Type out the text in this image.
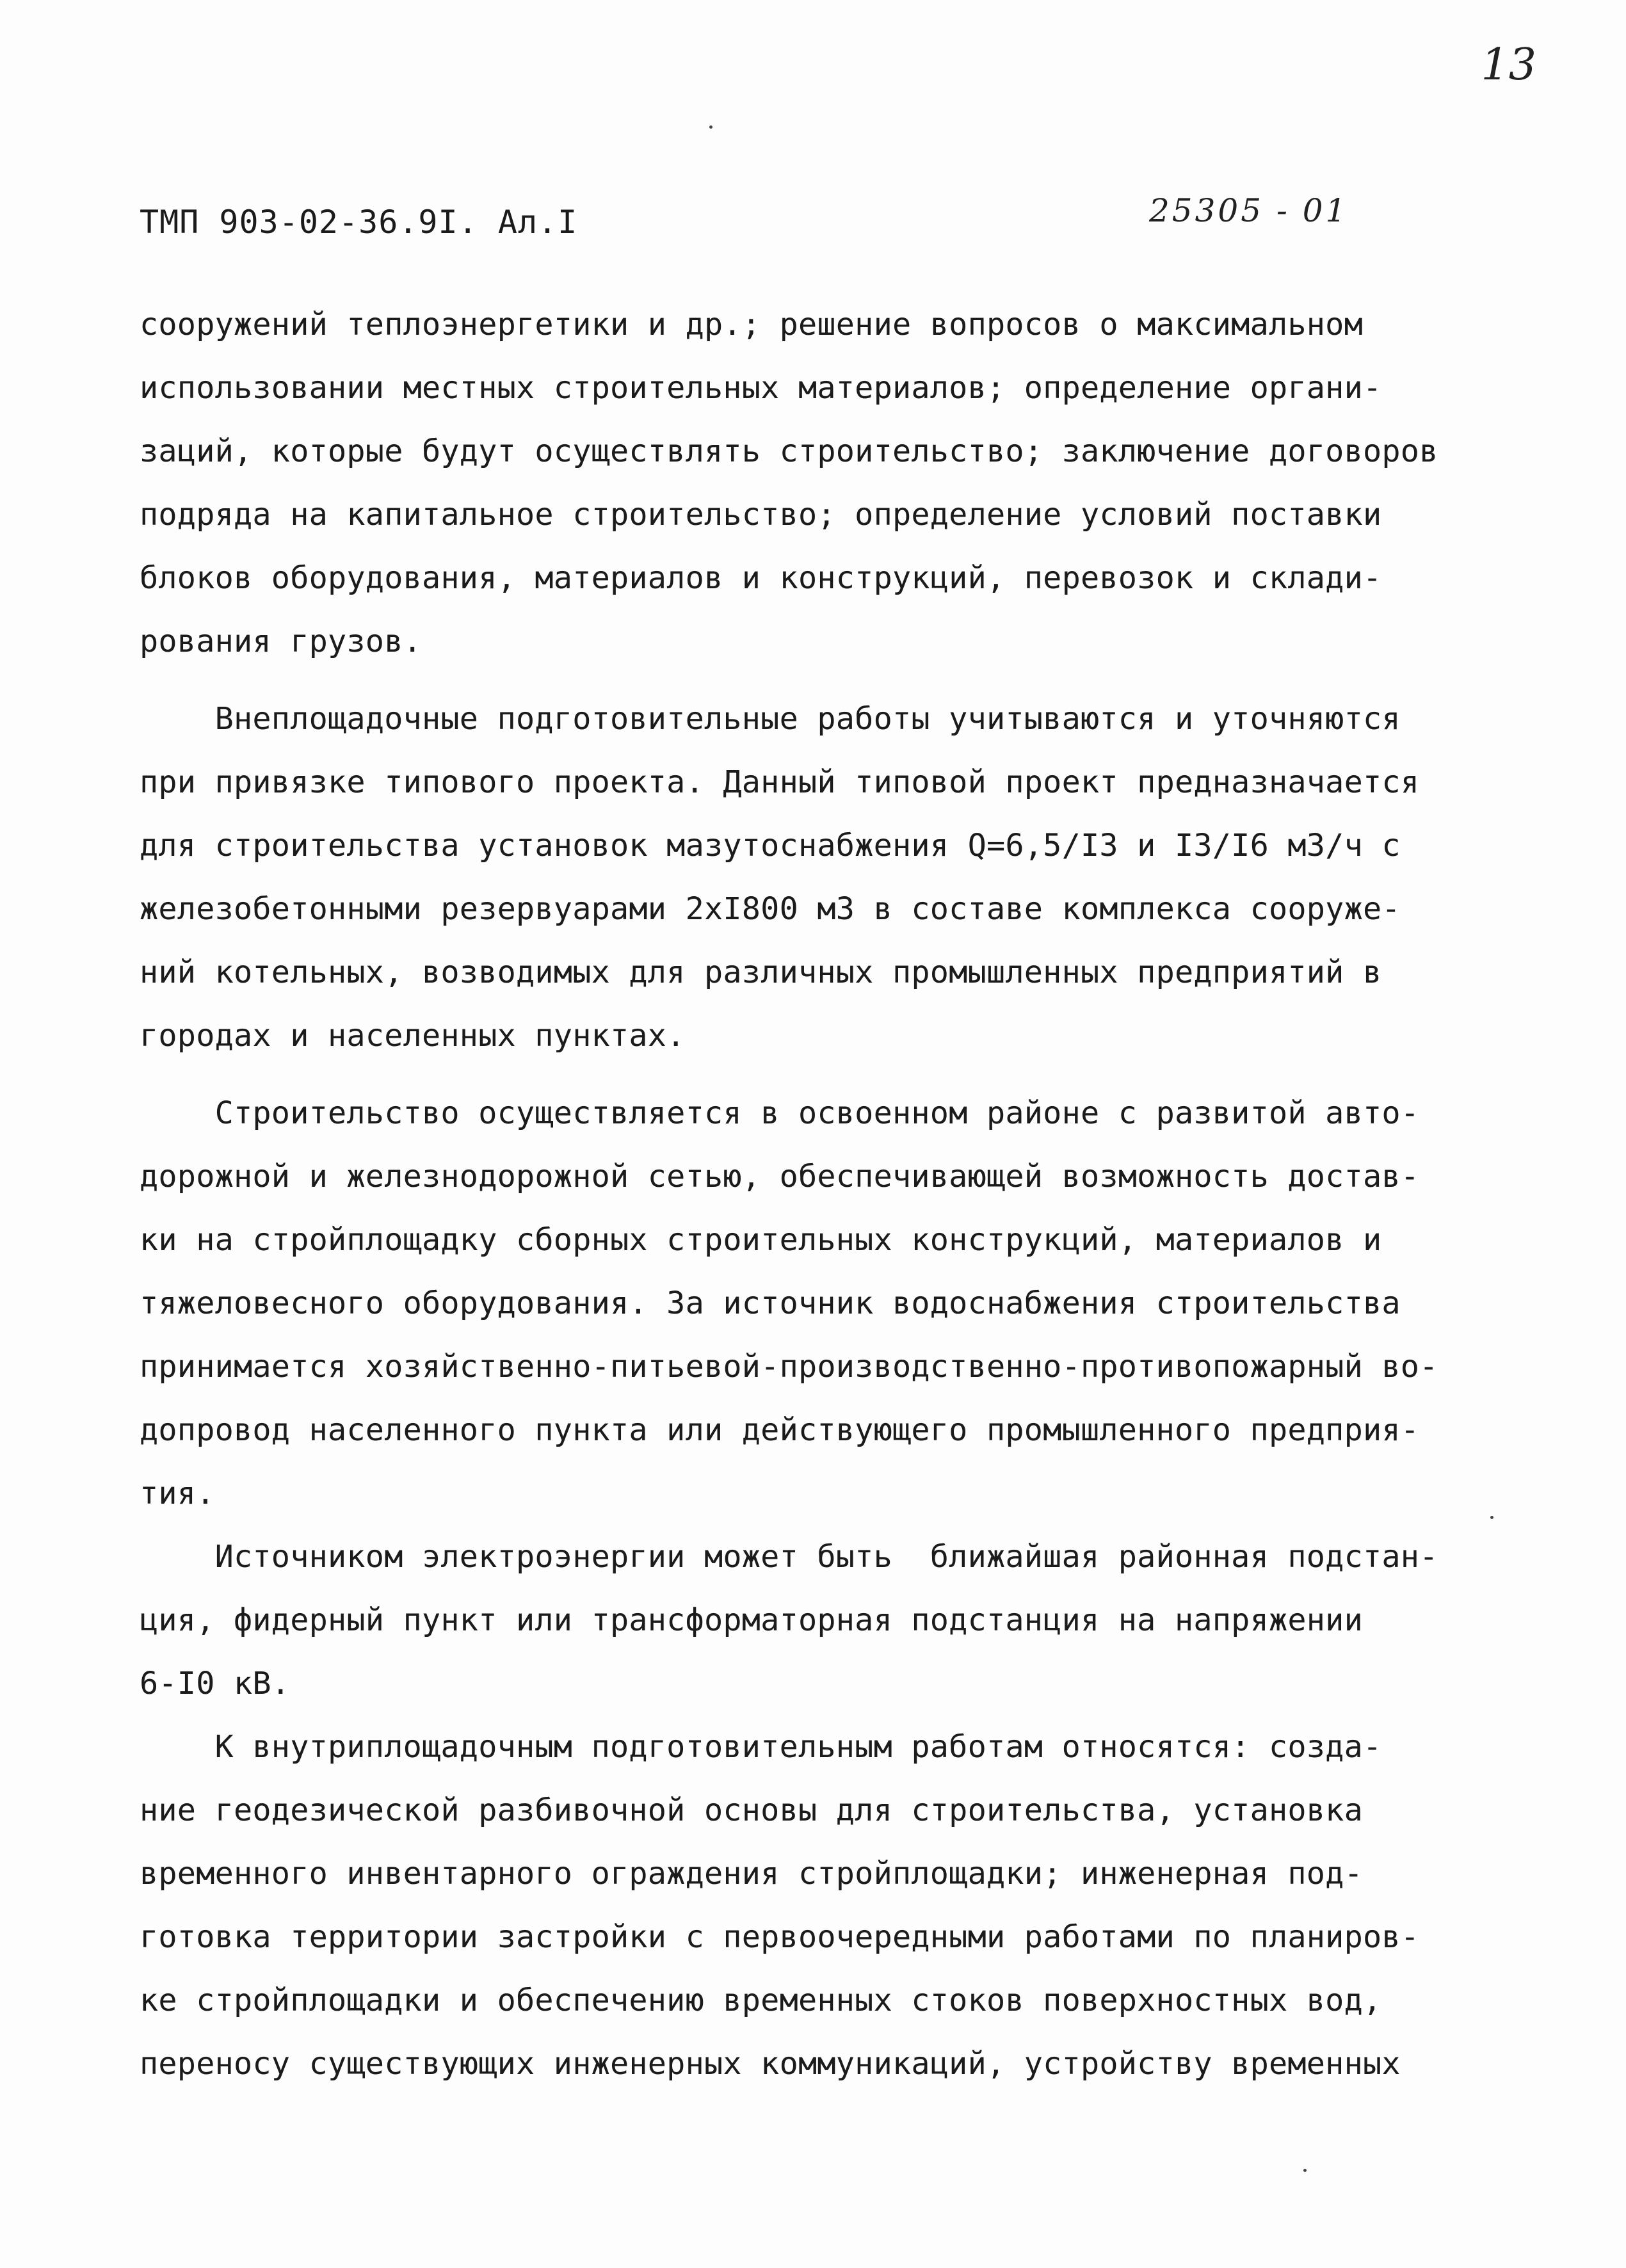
13
ТМП 903-02-36.9I. Ал.I	25305 - 01
сооружений теплоэнергетики и др.; решение вопросов о максимальном
использовании местных строительных материалов; определение органи-
заций, которые будут осуществлять строительство; заключение договоров
подряда на капитальное строительство; определение условий поставки
блоков оборудования, материалов и конструкций, перевозок и склади-
рования грузов.
Внеплощадочные подготовительные работы учитываются и уточняются
при привязке типового проекта. Данный типовой проект предназначается
для строительства установок мазутоснабжения Q=6,5/I3 и I3/I6 м3/ч с
железобетонными резервуарами 2хI800 м3 в составе комплекса сооруже-
ний котельных, возводимых для различных промышленных предприятий в
городах и населенных пунктах.
Строительство осуществляется в освоенном районе с развитой авто-
дорожной и железнодорожной сетью, обеспечивающей возможность достав-
ки на стройплощадку сборных строительных конструкций, материалов и
тяжеловесного оборудования. За источник водоснабжения строительства
принимается хозяйственно-питьевой-производственно-противопожарный во-
допровод населенного пункта или действующего промышленного предприя-
тия.
Источником электроэнергии может быть  ближайшая районная подстан-
ция, фидерный пункт или трансформаторная подстанция на напряжении
6-I0 кВ.
К внутриплощадочным подготовительным работам относятся: созда-
ние геодезической разбивочной основы для строительства, установка
временного инвентарного ограждения стройплощадки; инженерная под-
готовка территории застройки с первоочередными работами по планиров-
ке стройплощадки и обеспечению временных стоков поверхностных вод,
переносу существующих инженерных коммуникаций, устройству временных
